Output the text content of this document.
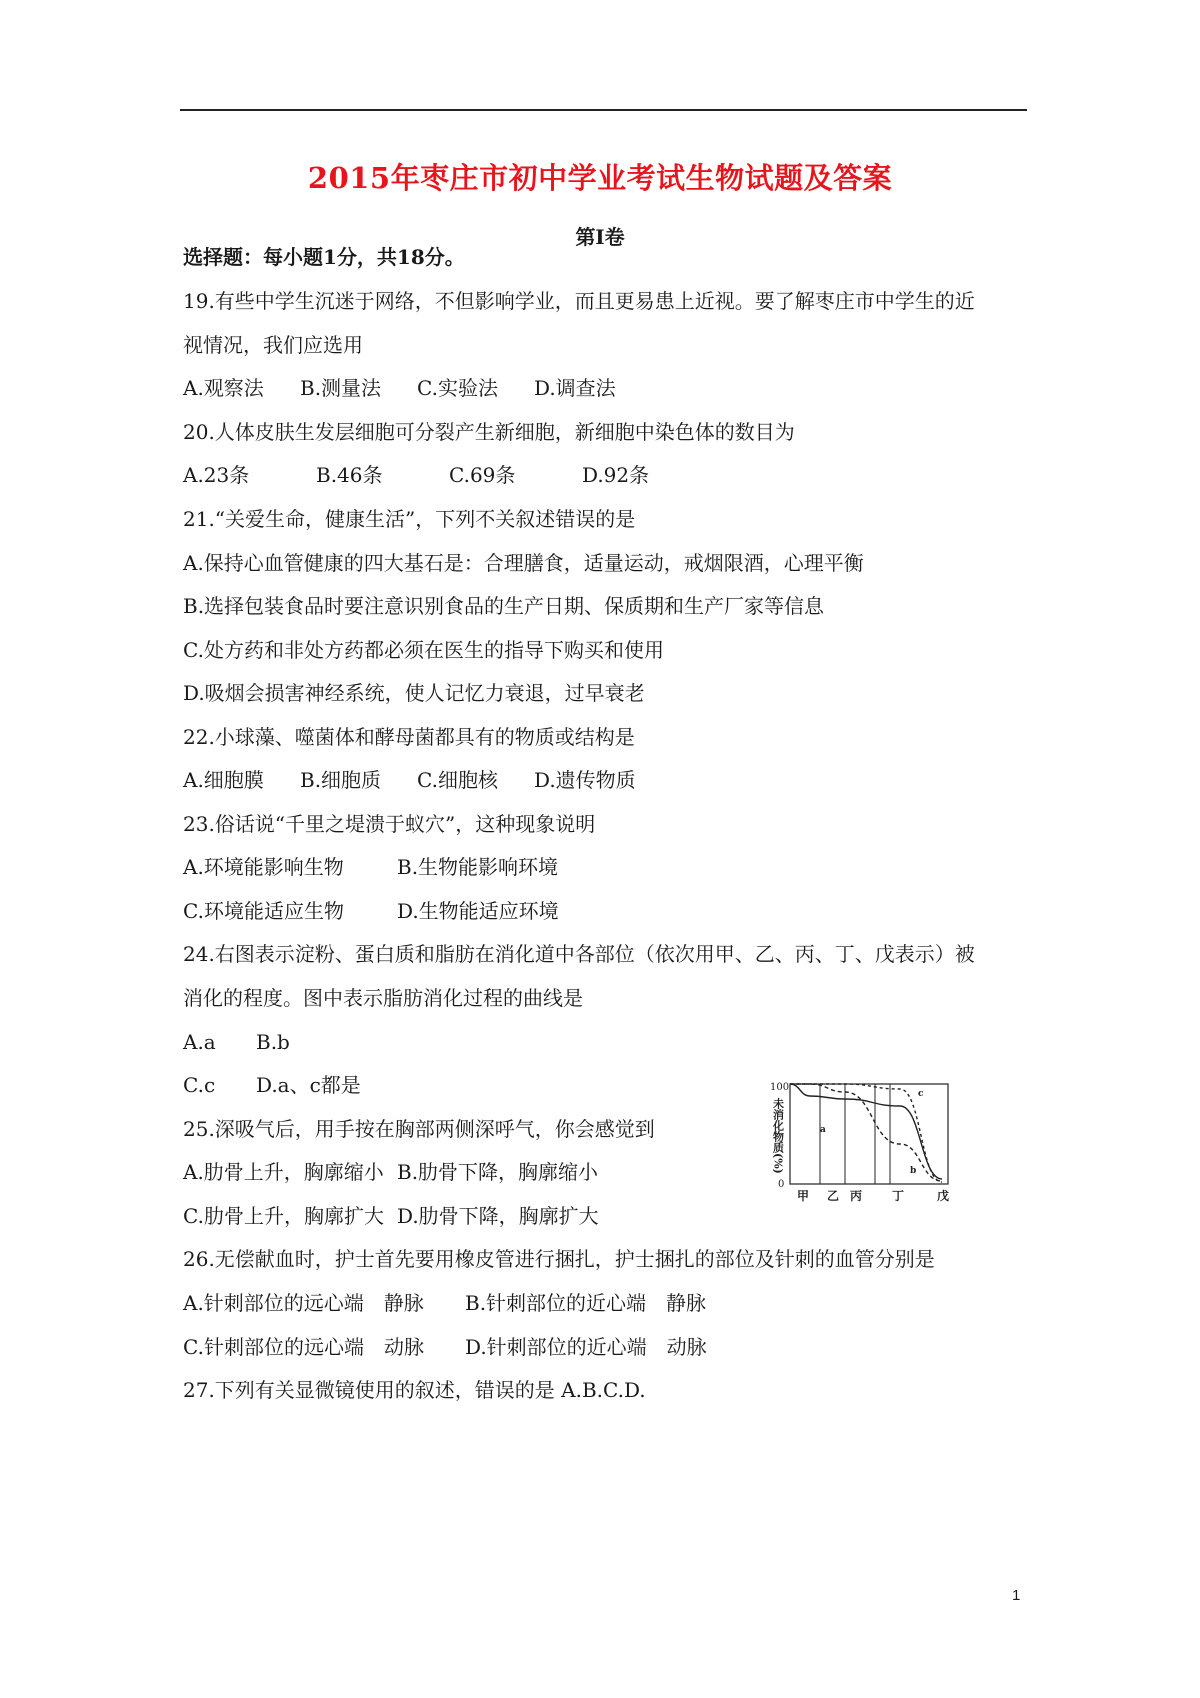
2015年枣庄市初中学业考试生物试题及答案
第Ⅰ卷
选择题：每小题1分，共18分。
19.有些中学生沉迷于网络，不但影响学业，而且更易患上近视。要了解枣庄市中学生的近
视情况，我们应选用
A.观察法 B.测量法 C.实验法 D.调查法
20.人体皮肤生发层细胞可分裂产生新细胞，新细胞中染色体的数目为
A.23条	B.46条	C.69条	D.92条
21.“关爱生命，健康生活”，下列不关叙述错误的是
A.保持心血管健康的四大基石是：合理膳食，适量运动，戒烟限酒，心理平衡
B.选择包装食品时要注意识别食品的生产日期、保质期和生产厂家等信息
C.处方药和非处方药都必须在医生的指导下购买和使用
D.吸烟会损害神经系统，使人记忆力衰退，过早衰老
22.小球藻、噬菌体和酵母菌都具有的物质或结构是
A.细胞膜 B.细胞质 C.细胞核 D.遗传物质
23.俗话说“千里之堤溃于蚁穴”，这种现象说明
A.环境能影响生物	B.生物能影响环境
C.环境能适应生物	D.生物能适应环境
24.右图表示淀粉、蛋白质和脂肪在消化道中各部位（依次用甲、乙、丙、丁、戊表示）被
消化的程度。图中表示脂肪消化过程的曲线是
A.a B.b
C.c D.a、c都是	100
0
未消化物质(%)
甲 乙 丙 丁	戊
a
b
c
25.深吸气后，用手按在胸部两侧深呼气，你会感觉到
A.肋骨上升，胸廓缩小 B.肋骨下降，胸廓缩小
C.肋骨上升，胸廓扩大 D.肋骨下降，胸廓扩大
26.无偿献血时，护士首先要用橡皮管进行捆扎，护士捆扎的部位及针刺的血管分别是
A.针刺部位的远心端　静脉 B.针刺部位的近心端　静脉
C.针刺部位的远心端　动脉 D.针刺部位的近心端　动脉
27.下列有关显微镜使用的叙述，错误的是 A.B.C.D.
1
